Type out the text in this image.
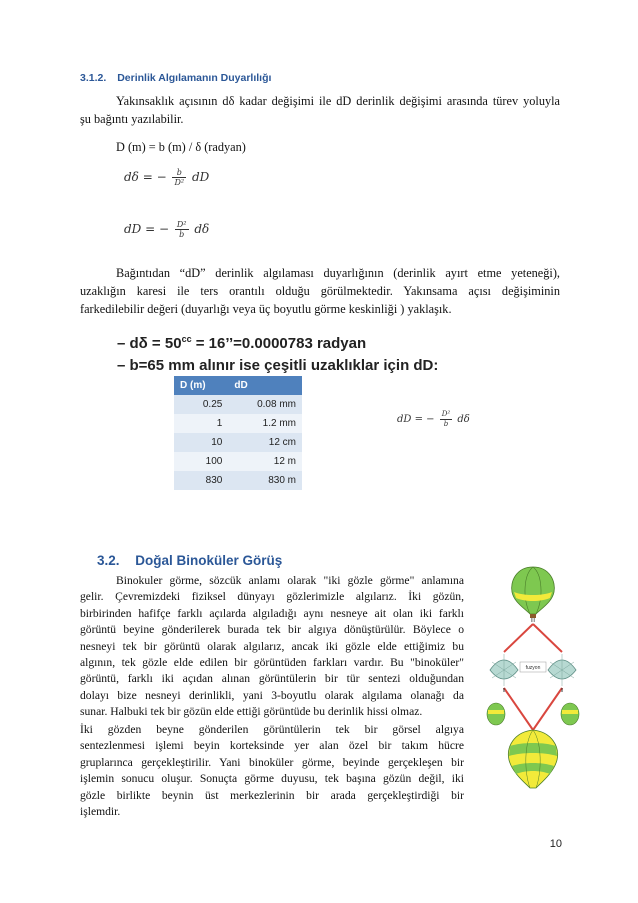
3.1.2. Derinlik Algılamanın Duyarlılığı
Yakınsaklık açısının dδ kadar değişimi ile dD derinlik değişimi arasında türev yoluyla
şu bağıntı yazılabilir.
D (m) = b (m) / δ (radyan)
dδ = − $\frac{b}{\text{D²}}$ dD
dD = − $\frac{\text{D²}}{b}$ dδ
Bağıntıdan “dD” derinlik algılaması duyarlığının (derinlik ayırt etme yeteneği),
uzaklığın karesi ile ters orantılı olduğu görülmektedir. Yakınsama açısı değişiminin
farkedilebilir değeri (duyarlığı veya üç boyutlu görme keskinliği ) yaklaşık.
– $d\delta = 50^{cc}$ = 16’’=0.0000783 radyan
– b=65 mm alınır ise çeşitli uzaklıklar için dD:
D (m)	dD
0.25	0.08 mm
1	1.2 mm
10	12 cm
100	12 m
830	830 m
dD = − $\frac{\text{D²}}{b}$ dδ
3.2. Doğal Binoküler Görüş
Binokuler görme, sözcük anlamı olarak "iki gözle görme" anlamına
gelir. Çevremizdeki fiziksel dünyayı gözlerimizle algılarız. İki gözün,
birbirinden hafifçe farklı açılarda algıladığı aynı nesneye ait olan iki farklı
görüntü beyine gönderilerek burada tek bir algıya dönüştürülür. Böylece o
nesneyi tek bir görüntü olarak algılarız, ancak iki gözle elde ettiğimiz bu
algının, tek gözle elde edilen bir görüntüden farkları vardır. Bu "binoküler"
görüntü, farklı iki açıdan alınan görüntülerin bir tür sentezi olduğundan
dolayı bize nesneyi derinlikli, yani 3-boyutlu olarak algılama olanağı da
sunar. Halbuki tek bir gözün elde ettiği görüntüde bu derinlik hissi olmaz.
İki gözden beyne gönderilen görüntülerin tek bir görsel algıya
sentezlenmesi işlemi beyin korteksinde yer alan özel bir takım hücre
gruplarınca gerçekleştirilir. Yani binoküler görme, beyinde gerçekleşen bir
işlemin sonucu oluşur. Sonuçta görme duyusu, tek başına gözün değil, iki
gözle birlikte beynin üst merkezlerinin bir arada gerçekleştirdiği bir
işlemdir.
III
II	II
fuzyon
10
